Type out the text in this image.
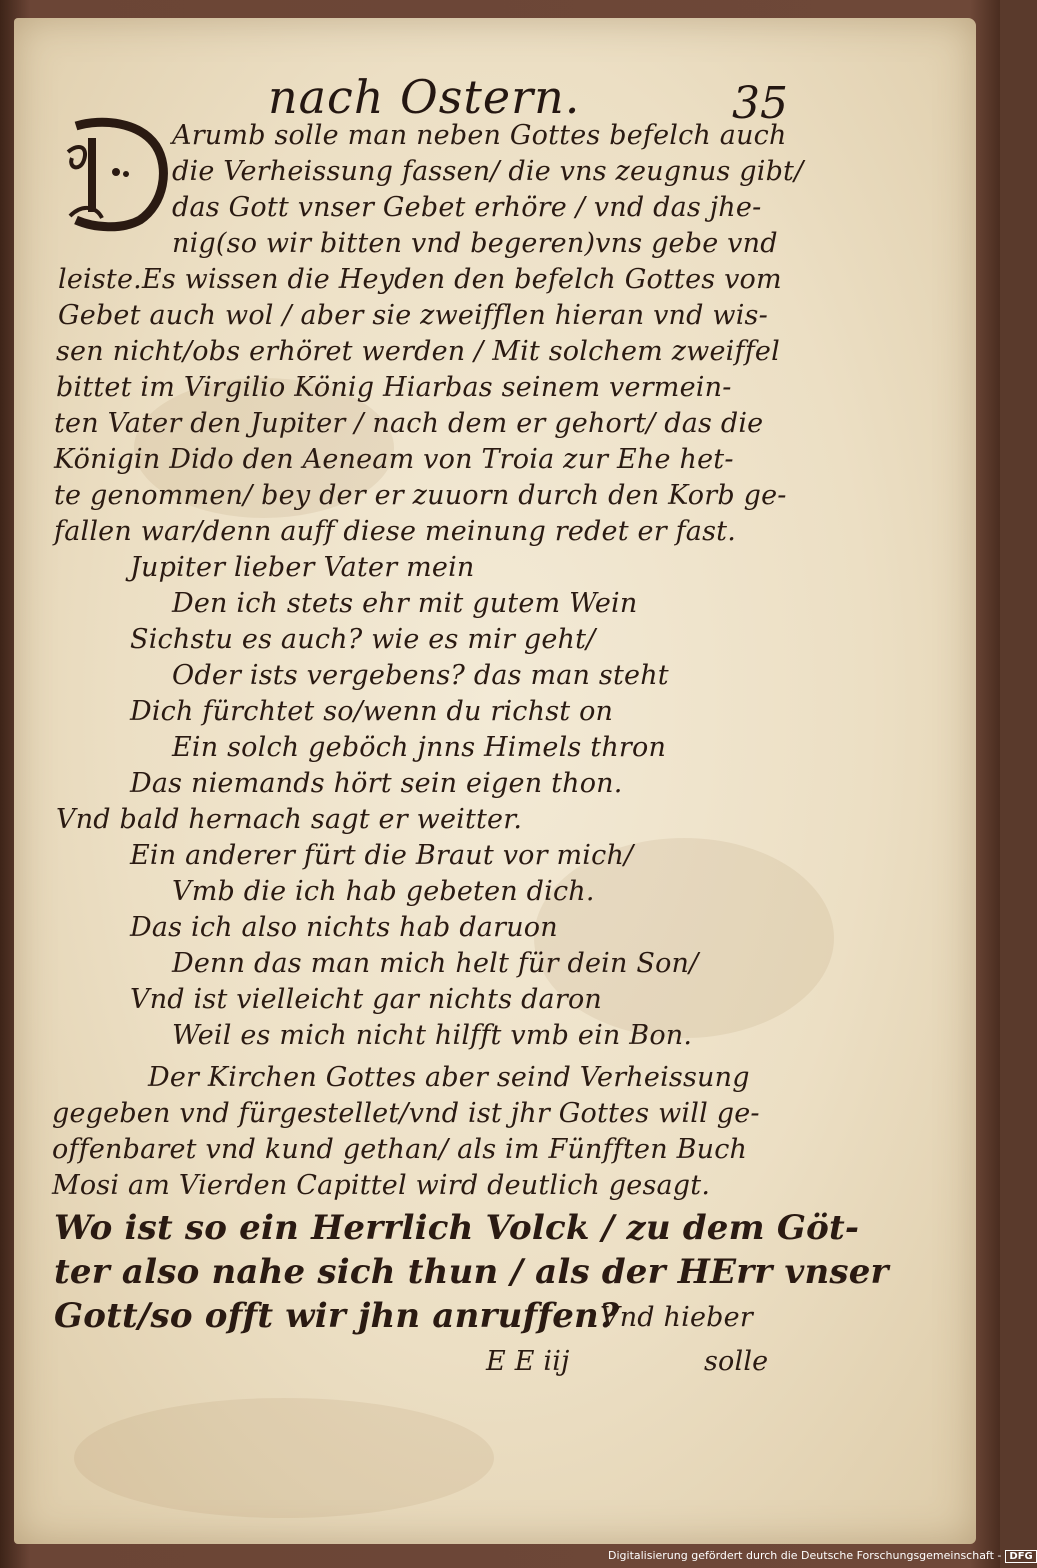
nach Ostern.	35
Arumb solle man neben Gottes befelch auch
die Verheissung fassen/ die vns zeugnus gibt/
das Gott vnser Gebet erhöre / vnd das jhe-
nig(so wir bitten vnd begeren)vns gebe vnd
leiste.Es wissen die Heyden den befelch Gottes vom
Gebet auch wol / aber sie zweifflen hieran vnd wis-
sen nicht/obs erhöret werden / Mit solchem zweiffel
bittet im Virgilio König Hiarbas seinem vermein-
ten Vater den Jupiter / nach dem er gehort/ das die
Königin Dido den Aeneam von Troia zur Ehe het-
te genommen/ bey der er zuuorn durch den Korb ge-
fallen war/denn auff diese meinung redet er fast.
Jupiter lieber Vater mein
Den ich stets ehr mit gutem Wein
Sichstu es auch? wie es mir geht/
Oder ists vergebens? das man steht
Dich fürchtet so/wenn du richst on
Ein solch geböch jnns Himels thron
Das niemands hört sein eigen thon.
Vnd bald hernach sagt er weitter.
Ein anderer fürt die Braut vor mich/
Vmb die ich hab gebeten dich.
Das ich also nichts hab daruon
Denn das man mich helt für dein Son/
Vnd ist vielleicht gar nichts daron
Weil es mich nicht hilfft vmb ein Bon.
Der Kirchen Gottes aber seind Verheissung
gegeben vnd fürgestellet/vnd ist jhr Gottes will ge-
offenbaret vnd kund gethan/ als im Fünfften Buch
Mosi am Vierden Capittel wird deutlich gesagt.
Wo ist so ein Herrlich Volck / zu dem Göt-
ter also nahe sich thun / als der HErr vnser
Gott/so offt wir jhn anruffen?
Vnd hieber
E E iij	solle
Digitalisierung gefördert durch die Deutsche Forschungsgemeinschaft - DFG
